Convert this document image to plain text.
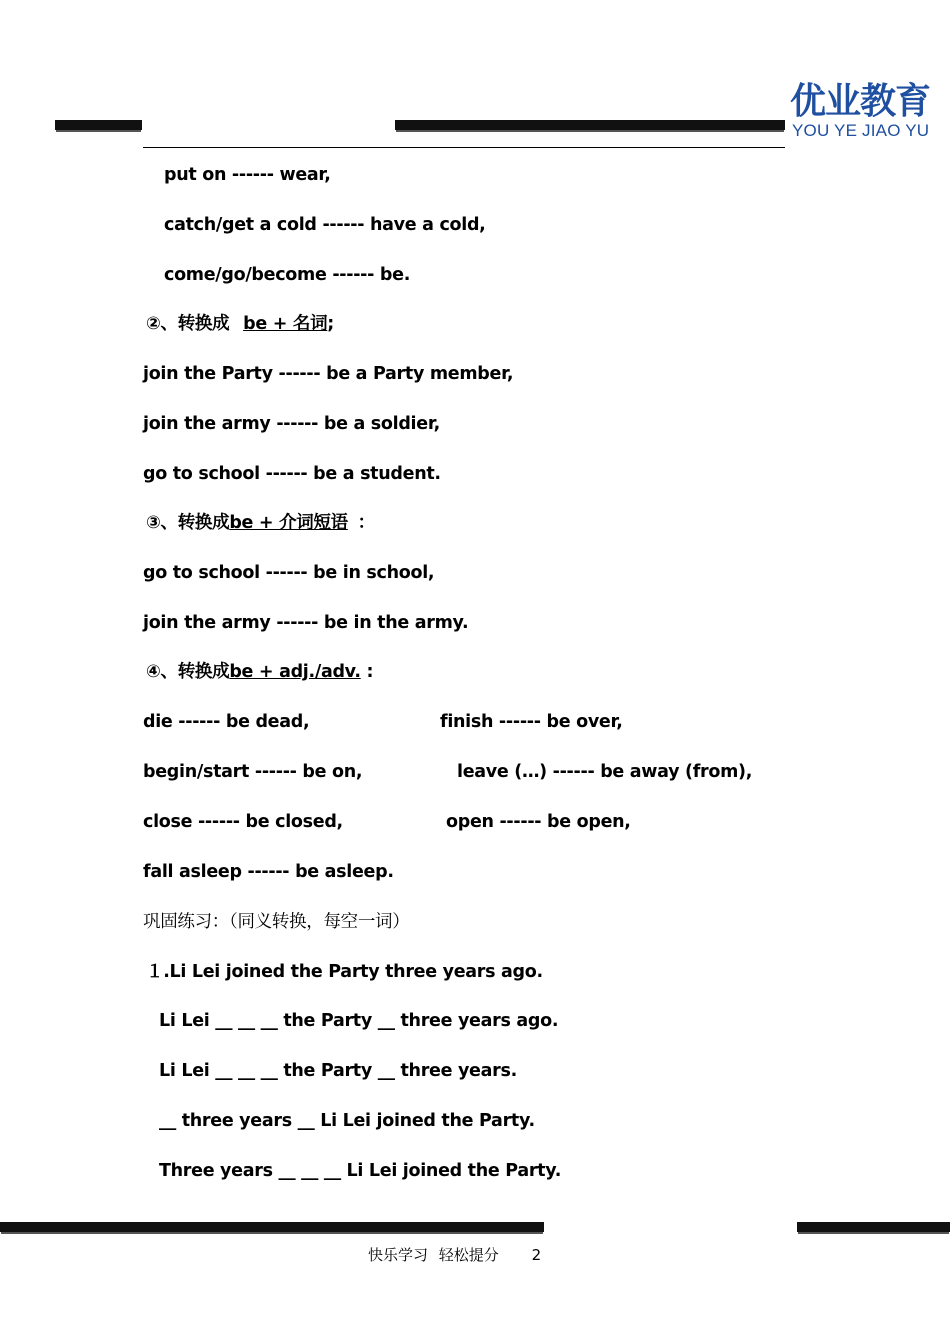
优业教育
YOU YE JIAO YU
put on ------ wear,
catch/get a cold ------ have a cold,
come/go/become ------ be.
②、转换成 be + 名词;
join the Party ------ be a Party member,
join the army ------ be a soldier,
go to school ------ be a student.
③、转换成be + 介词短语 ：
go to school ------ be in school,
join the army ------ be in the army.
④、转换成be + adj./adv. :
die ------ be dead,	finish ------ be over,
begin/start ------ be on,	leave (…) ------ be away (from),
close ------ be closed,	open ------ be open,
fall asleep ------ be asleep.
巩固练习：（同义转换，每空一词）
１.Li Lei joined the Party three years ago.
Li Lei __ __ __ the Party __ three years ago.
Li Lei __ __ __ the Party __ three years.
__ three years __ Li Lei joined the Party.
Three years __ __ __ Li Lei joined the Party.
快乐学习 轻松提分 2
